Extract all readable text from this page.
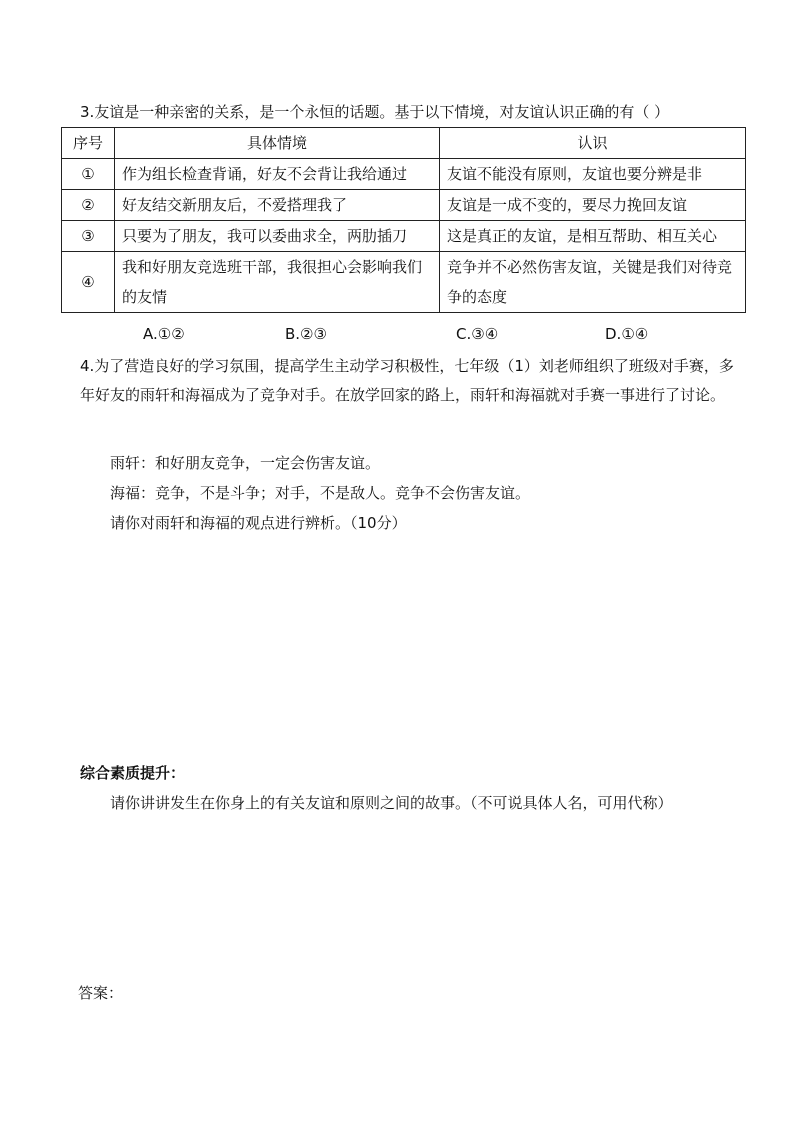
3.友谊是一种亲密的关系，是一个永恒的话题。基于以下情境，对友谊认识正确的有（ ）
序号	具体情境	认识
①	作为组长检查背诵，好友不会背让我给通过	友谊不能没有原则，友谊也要分辨是非
②	好友结交新朋友后，不爱搭理我了	友谊是一成不变的，要尽力挽回友谊
③	只要为了朋友，我可以委曲求全，两肋插刀	这是真正的友谊，是相互帮助、相互关心
④	我和好朋友竞选班干部，我很担心会影响我们的友情	竞争并不必然伤害友谊，关键是我们对待竞争的态度
A.①②	B.②③	C.③④	D.①④
4.为了营造良好的学习氛围，提高学生主动学习积极性，七年级（1）刘老师组织了班级对手赛，多年好友的雨轩和海福成为了竞争对手。在放学回家的路上，雨轩和海福就对手赛一事进行了讨论。
雨轩：和好朋友竞争，一定会伤害友谊。
海福：竞争，不是斗争；对手，不是敌人。竞争不会伤害友谊。
请你对雨轩和海福的观点进行辨析。（10分）
综合素质提升：
请你讲讲发生在你身上的有关友谊和原则之间的故事。（不可说具体人名，可用代称）
答案：
